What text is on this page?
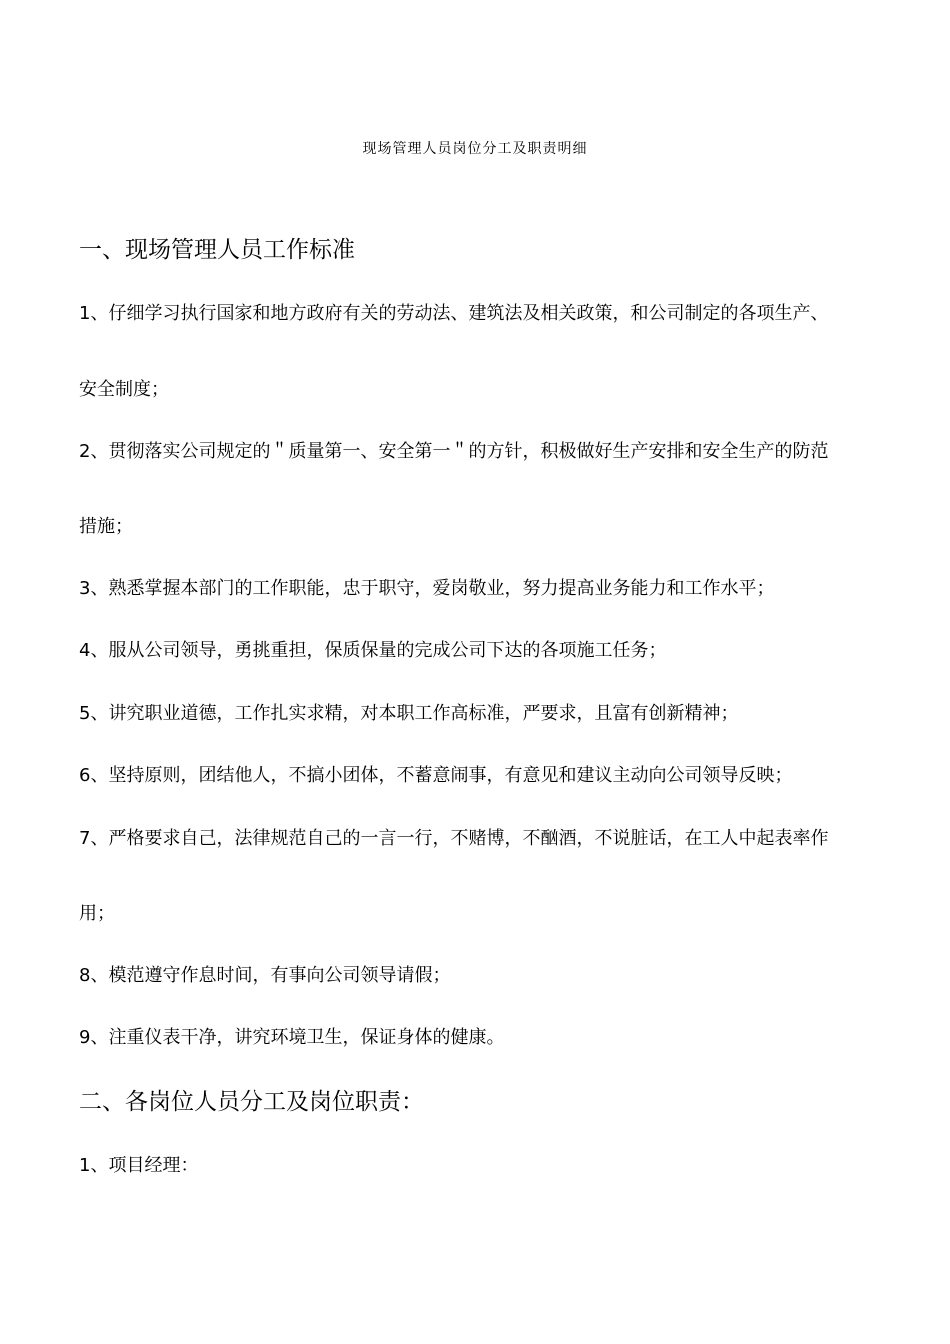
现场管理人员岗位分工及职责明细
一、现场管理人员工作标准
1、仔细学习执行国家和地方政府有关的劳动法、建筑法及相关政策，和公司制定的各项生产、
安全制度；
2、贯彻落实公司规定的＂质量第一、安全第一＂的方针，积极做好生产安排和安全生产的防范
措施；
3、熟悉掌握本部门的工作职能，忠于职守，爱岗敬业，努力提高业务能力和工作水平；
4、服从公司领导，勇挑重担，保质保量的完成公司下达的各项施工任务；
5、讲究职业道德，工作扎实求精，对本职工作高标准，严要求，且富有创新精神；
6、坚持原则，团结他人，不搞小团体，不蓄意闹事，有意见和建议主动向公司领导反映；
7、严格要求自己，法律规范自己的一言一行，不赌博，不酗酒，不说脏话，在工人中起表率作
用；
8、模范遵守作息时间，有事向公司领导请假；
9、注重仪表干净，讲究环境卫生，保证身体的健康。
二、各岗位人员分工及岗位职责：
1、项目经理：
